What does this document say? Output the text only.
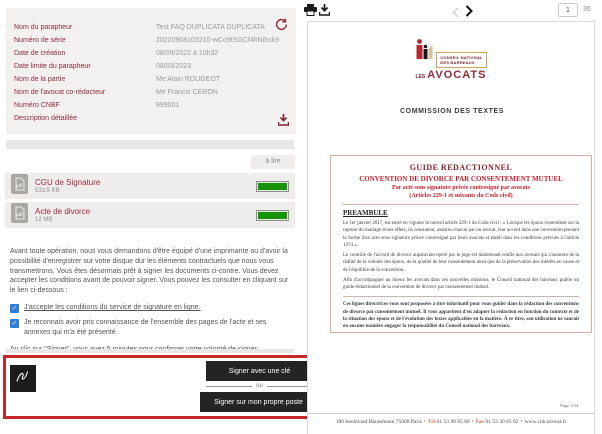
Nom du parapheur	Test FAQ DUPLICATA DUPLICATA
Numéro de série	20220908103210-wCo9tSGCf4hNi5sk9
Date de création	08/09/2022 à 10h32
Date limite du parapheur	08/03/2023
Nom de la partie	Me Alain ROUGEOT
Nom de l'avocat co-rédacteur	Me Francis CERON
Numéro CNBF	999001
Description détaillée
à lire
pdf CGU de Signature
533.5 KB
pdf Acte de divorce
12 MB

Avant toute opération, nous vous demandons d'être équipé d'une imprimante ou d'avoir la possibilité d'enregistrer sur votre disque dur les éléments contractuels que nous vous transmettrons. Vous êtes désormais prêt à signer les documents ci-contre. Vous devez accepter les conditions avant de pouvoir signer. Vous pouvez les consulter en cliquant sur le lien ci-dessous :

✓
J'accepte les conditions du service de signature en ligne.
✓
Je reconnais avoir pris connaissance de l'ensemble des pages de l'acte et ses annexes qui m'a été présenté.

Signer avec une clé
ou
Signer sur mon propre poste
1	36
CONSEIL NATIONAL
DES BARREAUX
LES AVOCATS
COMMISSION DES TEXTES
GUIDE REDACTIONNEL
CONVENTION DE DIVORCE PAR CONSENTEMENT MUTUEL
Par acte sous signature privée contresigné par avocats
(Articles 229-1 et suivants du Code civil)
PREAMBULE

Le 1er janvier 2017, est entré en vigueur le nouvel article 229-1 du Code civil : « Lorsque les époux s'entendent sur la rupture du mariage et ses effets, ils constatent, assistés chacun par un avocat, leur accord dans une convention prenant la forme d'un acte sous signature privée contresigné par leurs avocats et établi dans les conditions prévues à l'article 1374 ».

Le contrôle de l'accord de divorce auparavant opéré par le juge est maintenant confié aux avocats qui s'assurent de la réalité de la volonté des époux, de la qualité de leur consentement ainsi que de la préservation des intérêts en cause et de l'équilibre de la convention.

Afin d'accompagner au mieux les avocats dans ces nouvelles missions, le Conseil national des barreaux publie un guide rédactionnel de la convention de divorce par consentement mutuel.

Ces lignes directrices vous sont proposées à titre informatif pour vous guider dans la rédaction des conventions de divorce par consentement mutuel. Il vous appartient d'en adapter la rédaction en fonction du contexte et de la situation des époux et de l'évolution des textes applicables en la matière. À ce titre, son utilisation ne saurait en aucune manière engager la responsabilité du Conseil national des barreaux.

Page 1/34
180 boulevard Haussmann 75008 Paris ▪ Tél 01 53 30 85 60 ▪ Fax 01 53 30 85 62 ▪ www.cnb.avocat.fr
